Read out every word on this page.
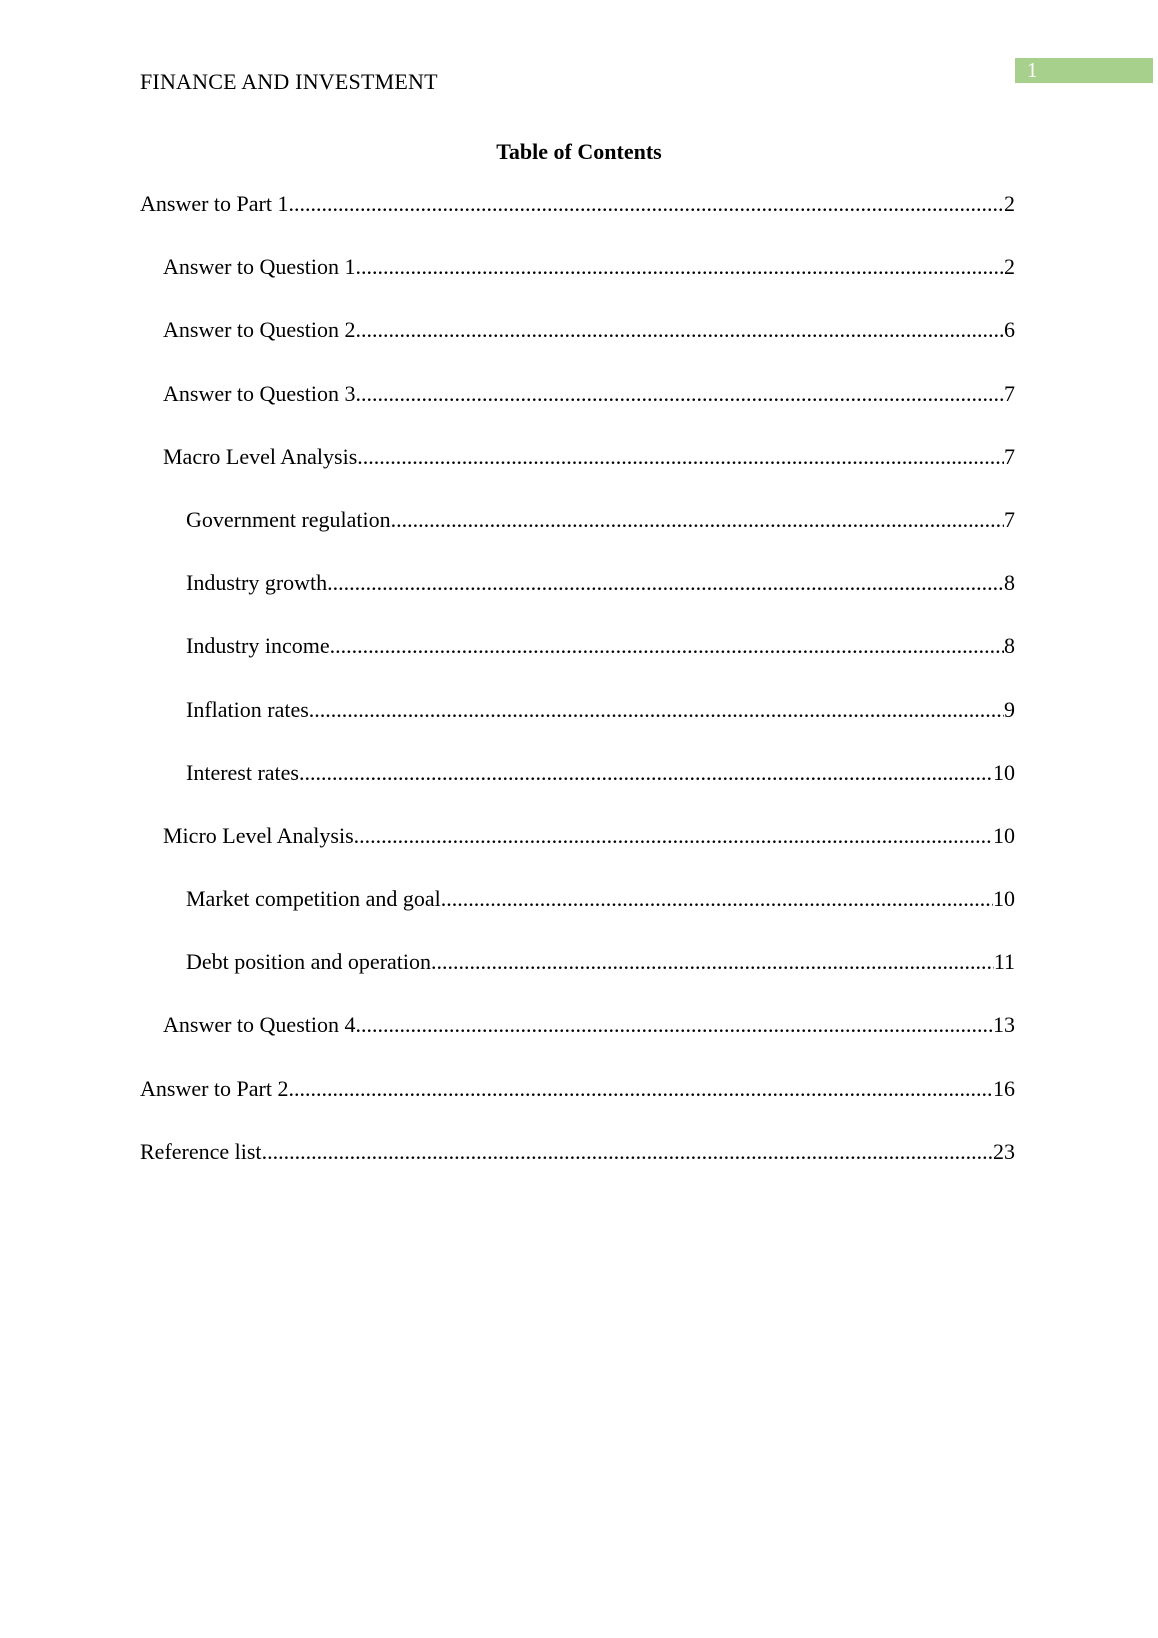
FINANCE AND INVESTMENT	1
Table of Contents
Answer to Part 1 .....	2
Answer to Question 1 .....	2
Answer to Question 2 .....	6
Answer to Question 3 .....	7
Macro Level Analysis .....	7
Government regulation .....	7
Industry growth .....	8
Industry income .....	8
Inflation rates .....	9
Interest rates .....	10
Micro Level Analysis .....	10
Market competition and goal .....	10
Debt position and operation .....	11
Answer to Question 4 .....	13
Answer to Part 2 .....	16
Reference list .....	23
